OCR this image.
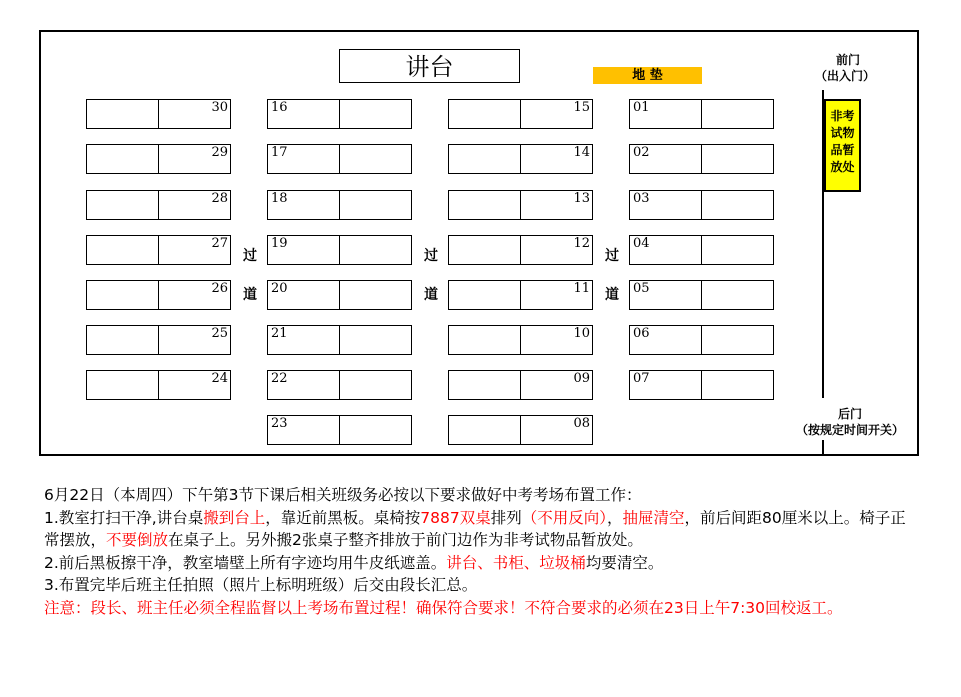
讲台	地 垫
30
29
28
27
26
25
24
16
17
18
19
20
21
22
23
15
14
13
12
11
10
09
08
01
02
03
04
05
06
07
过
道
过
道
过
道
前门
（出入门）
非考试物品暂放处
后门
（按规定时间开关）

6月22日（本周四）下午第3节下课后相关班级务必按以下要求做好中考考场布置工作：

1.教室打扫干净,讲台桌搬到台上，靠近前黑板。桌椅按7887双桌排列（不用反向），抽屉清空，前后间距80厘米以上。椅子正常摆放，不要倒放在桌子上。另外搬2张桌子整齐排放于前门边作为非考试物品暂放处。

2.前后黑板擦干净，教室墙壁上所有字迹均用牛皮纸遮盖。讲台、书柜、垃圾桶均要清空。

3.布置完毕后班主任拍照（照片上标明班级）后交由段长汇总。

注意：段长、班主任必须全程监督以上考场布置过程！确保符合要求！不符合要求的必须在23日上午7:30回校返工。
